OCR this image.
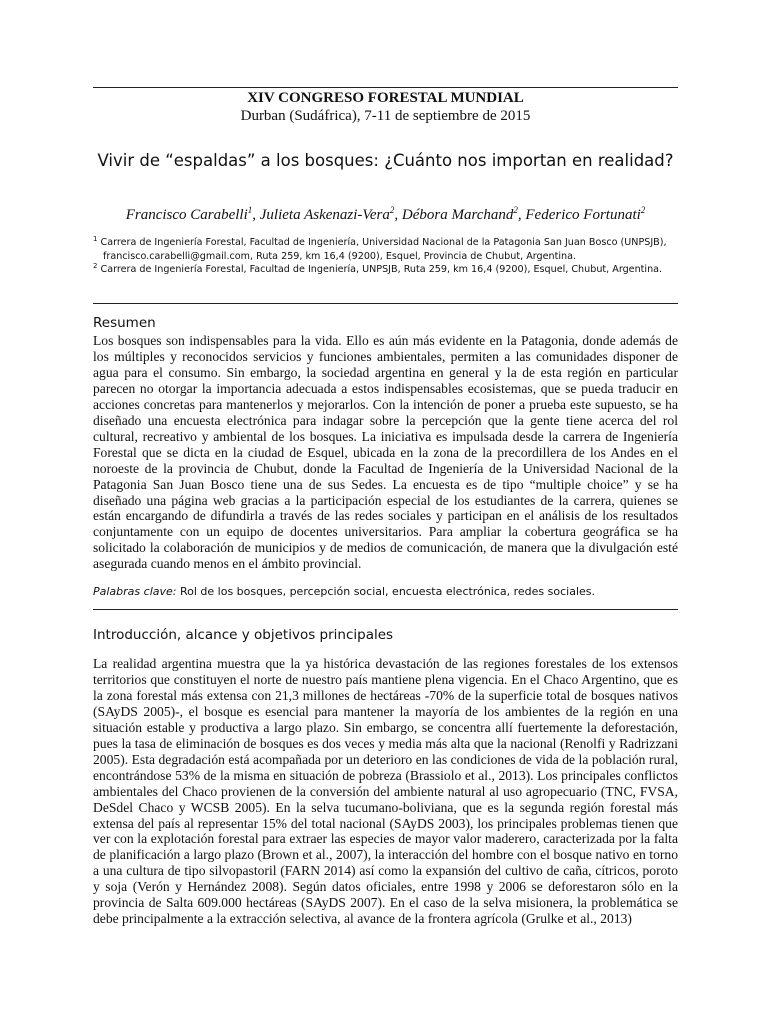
XIV CONGRESO FORESTAL MUNDIAL
Durban (Sudáfrica), 7-11 de septiembre de 2015
Vivir de “espaldas” a los bosques: ¿Cuánto nos importan en realidad?
Francisco Carabelli$^1$, Julieta Askenazi-Vera$^2$, Débora Marchand$^2$, Federico Fortunati$^2$
$^1$ Carrera de Ingeniería Forestal, Facultad de Ingeniería, Universidad Nacional de la Patagonia San Juan Bosco (UNPSJB), francisco.carabelli@gmail.com, Ruta 259, km 16,4 (9200), Esquel, Provincia de Chubut, Argentina.
$^2$ Carrera de Ingeniería Forestal, Facultad de Ingeniería, UNPSJB, Ruta 259, km 16,4 (9200), Esquel, Chubut, Argentina.
Resumen
Los bosques son indispensables para la vida. Ello es aún más evidente en la Patagonia, donde además de los múltiples y reconocidos servicios y funciones ambientales, permiten a las comunidades disponer de agua para el consumo. Sin embargo, la sociedad argentina en general y la de esta región en particular parecen no otorgar la importancia adecuada a estos indispensables ecosistemas, que se pueda traducir en acciones concretas para mantenerlos y mejorarlos. Con la intención de poner a prueba este supuesto, se ha diseñado una encuesta electrónica para indagar sobre la percepción que la gente tiene acerca del rol cultural, recreativo y ambiental de los bosques. La iniciativa es impulsada desde la carrera de Ingeniería Forestal que se dicta en la ciudad de Esquel, ubicada en la zona de la precordillera de los Andes en el noroeste de la provincia de Chubut, donde la Facultad de Ingeniería de la Universidad Nacional de la Patagonia San Juan Bosco tiene una de sus Sedes. La encuesta es de tipo “multiple choice” y se ha diseñado una página web gracias a la participación especial de los estudiantes de la carrera, quienes se están encargando de difundirla a través de las redes sociales y participan en el análisis de los resultados conjuntamente con un equipo de docentes universitarios. Para ampliar la cobertura geográfica se ha solicitado la colaboración de municipios y de medios de comunicación, de manera que la divulgación esté asegurada cuando menos en el ámbito provincial.
Palabras clave: Rol de los bosques, percepción social, encuesta electrónica, redes sociales.
Introducción, alcance y objetivos principales
La realidad argentina muestra que la ya histórica devastación de las regiones forestales de los extensos territorios que constituyen el norte de nuestro país mantiene plena vigencia. En el Chaco Argentino, que es la zona forestal más extensa con 21,3 millones de hectáreas -70% de la superficie total de bosques nativos (SAyDS 2005)-, el bosque es esencial para mantener la mayoría de los ambientes de la región en una situación estable y productiva a largo plazo. Sin embargo, se concentra allí fuertemente la deforestación, pues la tasa de eliminación de bosques es dos veces y media más alta que la nacional (Renolfi y Radrizzani 2005). Esta degradación está acompañada por un deterioro en las condiciones de vida de la población rural, encontrándose 53% de la misma en situación de pobreza (Brassiolo et al., 2013). Los principales conflictos ambientales del Chaco provienen de la conversión del ambiente natural al uso agropecuario (TNC, FVSA, DeSdel Chaco y WCSB 2005). En la selva tucumano-boliviana, que es la segunda región forestal más extensa del país al representar 15% del total nacional (SAyDS 2003), los principales problemas tienen que ver con la explotación forestal para extraer las especies de mayor valor maderero, caracterizada por la falta de planificación a largo plazo (Brown et al., 2007), la interacción del hombre con el bosque nativo en torno a una cultura de tipo silvopastoril (FARN 2014) así como la expansión del cultivo de caña, cítricos, poroto y soja (Verón y Hernández 2008). Según datos oficiales, entre 1998 y 2006 se deforestaron sólo en la provincia de Salta 609.000 hectáreas (SAyDS 2007). En el caso de la selva misionera, la problemática se debe principalmente a la extracción selectiva, al avance de la frontera agrícola (Grulke et al., 2013)
